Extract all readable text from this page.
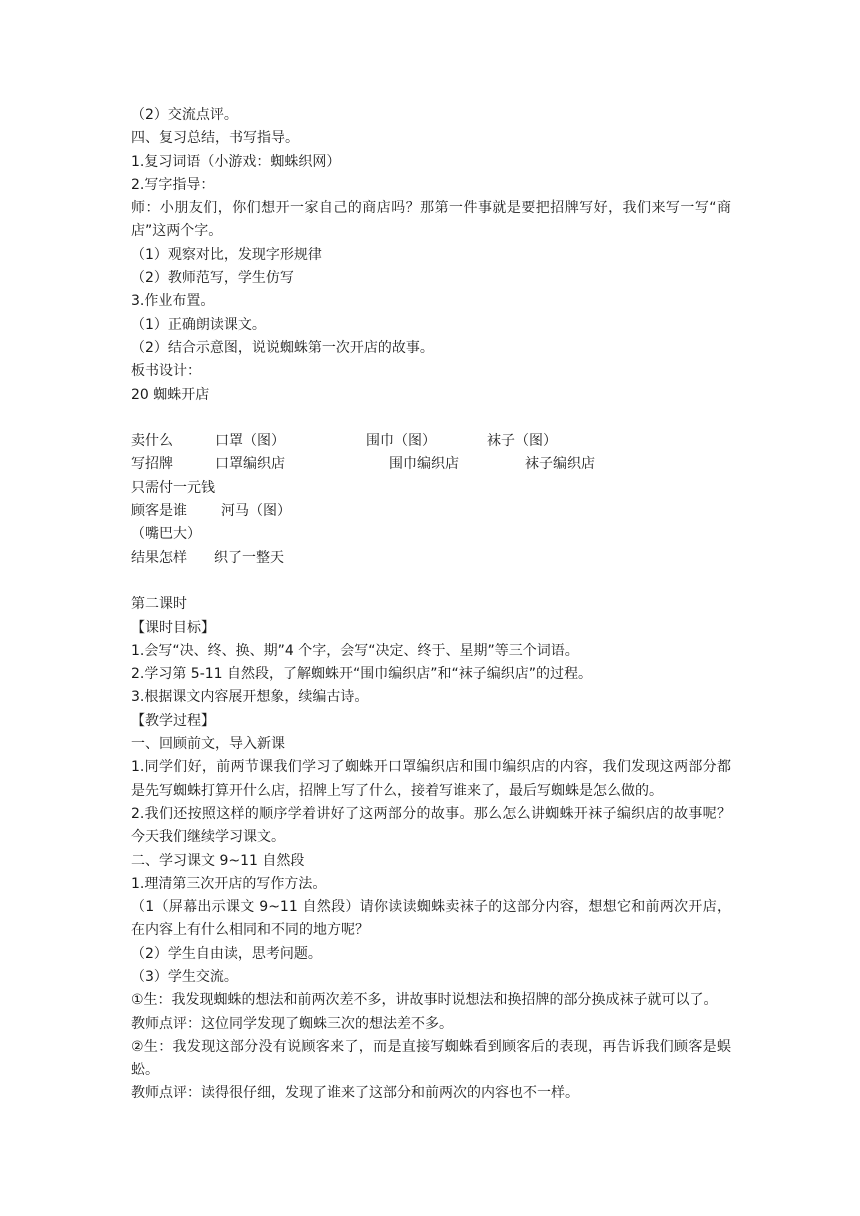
（2）交流点评。
四、复习总结，书写指导。
1.复习词语（小游戏：蜘蛛织网）
2.写字指导：
师：小朋友们，你们想开一家自己的商店吗？那第一件事就是要把招牌写好，我们来写一写“商店”这两个字。
（1）观察对比，发现字形规律
（2）教师范写，学生仿写
3.作业布置。
（1）正确朗读课文。
（2）结合示意图，说说蜘蛛第一次开店的故事。
板书设计：
20 蜘蛛开店
卖什么	口罩（图）	围巾（图）	袜子（图）
写招牌	口罩编织店	围巾编织店	袜子编织店
只需付一元钱
顾客是谁 河马（图）
（嘴巴大）
结果怎样 织了一整天
第二课时
【课时目标】
1.会写“决、终、换、期”4 个字，会写“决定、终于、星期”等三个词语。
2.学习第 5-11 自然段，了解蜘蛛开“围巾编织店”和“袜子编织店”的过程。
3.根据课文内容展开想象，续编古诗。
【教学过程】
一、回顾前文，导入新课
1.同学们好，前两节课我们学习了蜘蛛开口罩编织店和围巾编织店的内容，我们发现这两部分都是先写蜘蛛打算开什么店，招牌上写了什么，接着写谁来了，最后写蜘蛛是怎么做的。
2.我们还按照这样的顺序学着讲好了这两部分的故事。那么怎么讲蜘蛛开袜子编织店的故事呢？今天我们继续学习课文。
二、学习课文 9~11 自然段
1.理清第三次开店的写作方法。
（1（屏幕出示课文 9~11 自然段）请你读读蜘蛛卖袜子的这部分内容，想想它和前两次开店，在内容上有什么相同和不同的地方呢？
（2）学生自由读，思考问题。
（3）学生交流。
①生：我发现蜘蛛的想法和前两次差不多，讲故事时说想法和换招牌的部分换成袜子就可以了。
教师点评：这位同学发现了蜘蛛三次的想法差不多。
②生：我发现这部分没有说顾客来了，而是直接写蜘蛛看到顾客后的表现，再告诉我们顾客是蜈蚣。
教师点评：读得很仔细，发现了谁来了这部分和前两次的内容也不一样。
